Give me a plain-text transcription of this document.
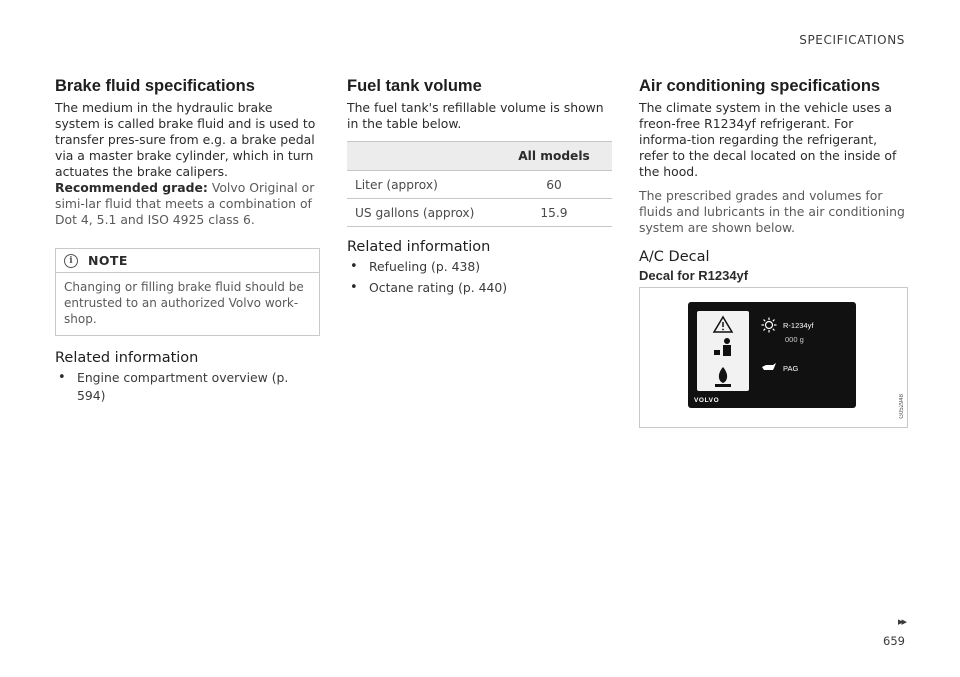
SPECIFICATIONS
Brake fluid specifications

The medium in the hydraulic brake system is called brake fluid and is used to transfer pres-sure from e.g. a brake pedal via a master brake cylinder, which in turn actuates the brake calipers.

Recommended grade: Volvo Original or simi-lar fluid that meets a combination of Dot 4, 5.1 and ISO 4925 class 6.

i	NOTE
Changing or filling brake fluid should be entrusted to an authorized Volvo work-shop.
Related information
• Engine compartment overview (p. 594)
Fuel tank volume

The fuel tank's refillable volume is shown in the table below.

	All models
Liter (approx)	60
US gallons (approx)	15.9
Related information
• Refueling (p. 438)
• Octane rating (p. 440)
Air conditioning specifications

The climate system in the vehicle uses a freon-free R1234yf refrigerant. For informa-tion regarding the refrigerant, refer to the decal located on the inside of the hood.

The prescribed grades and volumes for fluids and lubricants in the air conditioning system are shown below.

A/C Decal
Decal for R1234yf
R-1234yf
000 g
PAG
VOLVO	G052948
▸▸
659
